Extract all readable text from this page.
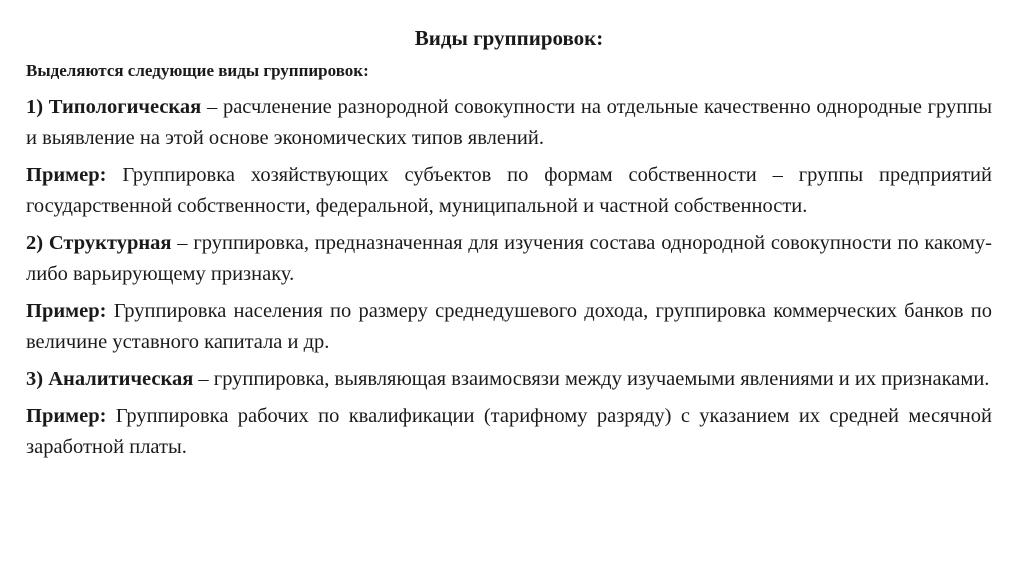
Виды группировок:
Выделяются следующие виды группировок:
1) Типологическая – расчленение разнородной совокупности на отдельные качественно однородные группы и выявление на этой основе экономических типов явлений.
Пример: Группировка хозяйствующих субъектов по формам собственности – группы предприятий государственной собственности, федеральной, муниципальной и частной собственности.
2) Структурная – группировка, предназначенная для изучения состава однородной совокупности по какому-либо варьирующему признаку.
Пример: Группировка населения по размеру среднедушевого дохода, группировка коммерческих банков по величине уставного капитала и др.
3) Аналитическая – группировка, выявляющая взаимосвязи между изучаемыми явлениями и их признаками.
Пример: Группировка рабочих по квалификации (тарифному разряду) с указанием их средней месячной заработной платы.
